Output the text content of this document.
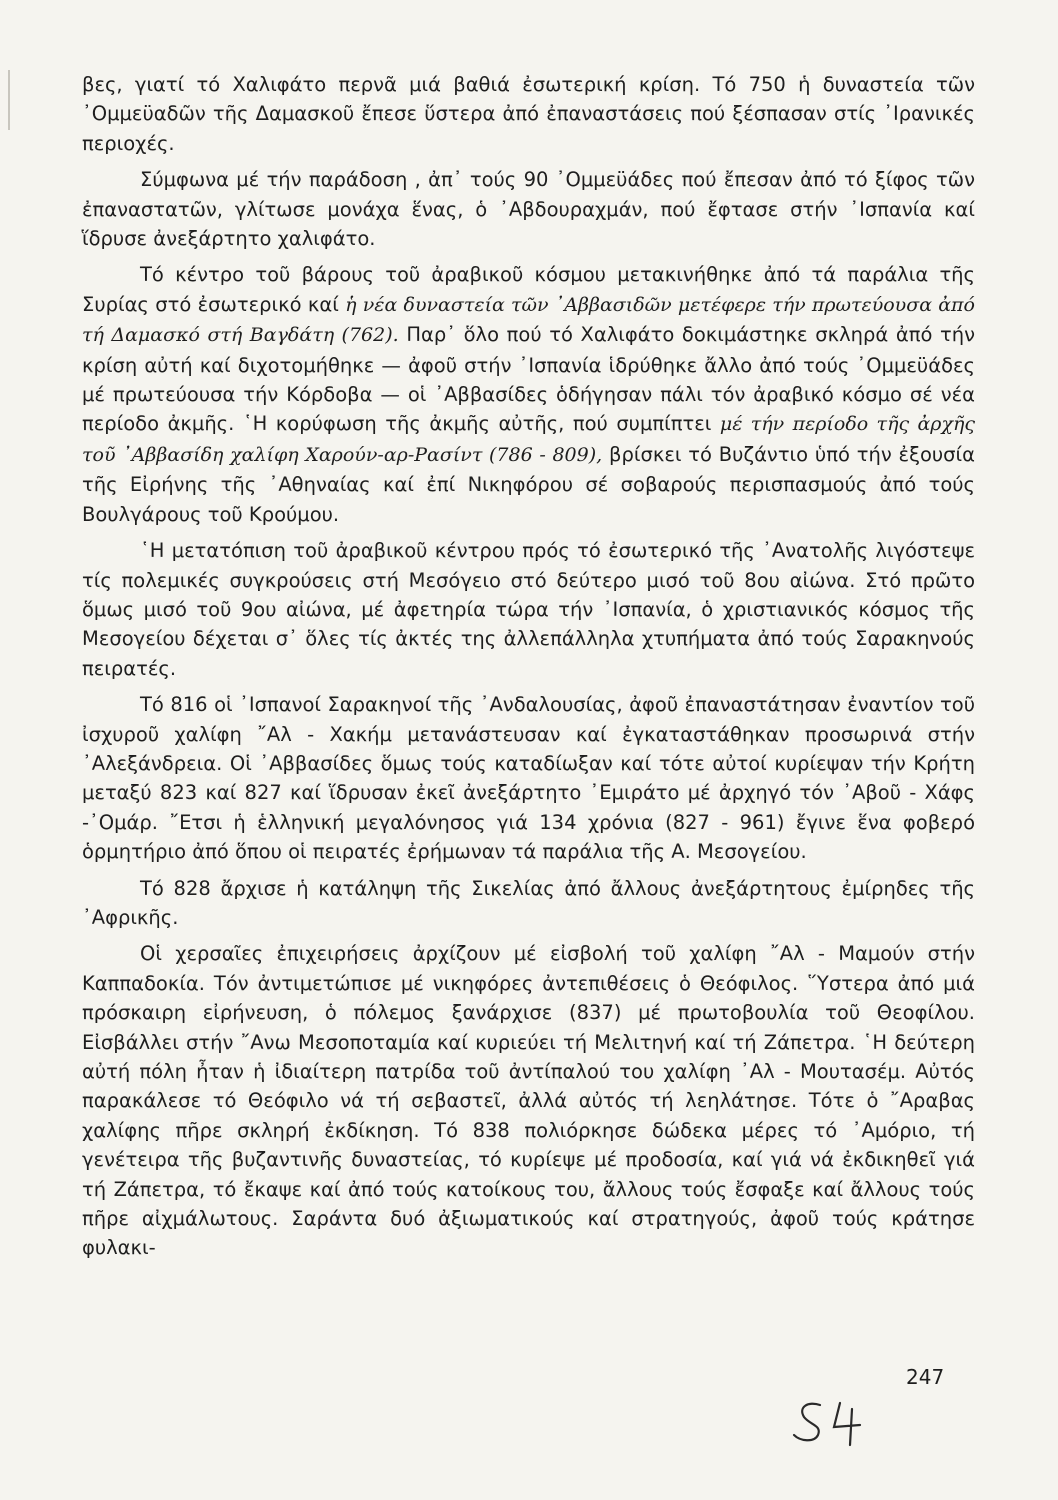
βες, γιατί τό Χαλιφάτο περνᾶ μιά βαθιά ἐσωτερική κρίση. Τό 750 ἡ δυναστεία τῶν ᾿Ομμεϋαδῶν τῆς Δαμασκοῦ ἔπεσε ὕστερα ἀπό ἐπαναστάσεις πού ξέσπασαν στίς ᾿Ιρανικές περιοχές.

Σύμφωνα μέ τήν παράδοση , ἀπ᾿ τούς 90 ᾿Ομμεϋάδες πού ἔπεσαν ἀπό τό ξίφος τῶν ἐπαναστατῶν, γλίτωσε μονάχα ἕνας, ὁ ᾿Αβδουραχμάν, πού ἔφτασε στήν ᾿Ισπανία καί ἵδρυσε ἀνεξάρτητο χαλιφάτο.

Τό κέντρο τοῦ βάρους τοῦ ἀραβικοῦ κόσμου μετακινήθηκε ἀπό τά παράλια τῆς Συρίας στό ἐσωτερικό καί ἡ νέα δυναστεία τῶν ᾿Αββασιδῶν μετέφερε τήν πρωτεύουσα ἀπό τή Δαμασκό στή Βαγδάτη (762). Παρ᾿ ὅλο πού τό Χαλιφάτο δοκιμάστηκε σκληρά ἀπό τήν κρίση αὐτή καί διχοτομήθηκε — ἀφοῦ στήν ᾿Ισπανία ἱδρύθηκε ἄλλο ἀπό τούς ᾿Ομμεϋάδες μέ πρωτεύουσα τήν Κόρδοβα — οἱ ᾿Αββασίδες ὁδήγησαν πάλι τόν ἀραβικό κόσμο σέ νέα περίοδο ἀκμῆς. ῾Η κορύφωση τῆς ἀκμῆς αὐτῆς, πού συμπίπτει μέ τήν περίοδο τῆς ἀρχῆς τοῦ ᾿Αββασίδη χαλίφη Χαρούν-αρ-Ρασίντ (786 - 809), βρίσκει τό Βυζάντιο ὑπό τήν ἐξουσία τῆς Εἰρήνης τῆς ᾿Αθηναίας καί ἐπί Νικηφόρου σέ σοβαρούς περισπασμούς ἀπό τούς Βουλγάρους τοῦ Κρούμου.

῾Η μετατόπιση τοῦ ἀραβικοῦ κέντρου πρός τό ἐσωτερικό τῆς ᾿Ανατολῆς λιγόστεψε τίς πολεμικές συγκρούσεις στή Μεσόγειο στό δεύτερο μισό τοῦ 8ου αἰώνα. Στό πρῶτο ὅμως μισό τοῦ 9ου αἰώνα, μέ ἀφετηρία τώρα τήν ᾿Ισπανία, ὁ χριστιανικός κόσμος τῆς Μεσογείου δέχεται σ᾿ ὅλες τίς ἀκτές της ἀλλεπάλληλα χτυπήματα ἀπό τούς Σαρακηνούς πειρατές.

Τό 816 οἱ ᾿Ισπανοί Σαρακηνοί τῆς ᾿Ανδαλουσίας, ἀφοῦ ἐπαναστάτησαν ἐναντίον τοῦ ἰσχυροῦ χαλίφη ῎Αλ - Χακήμ μετανάστευσαν καί ἐγκαταστάθηκαν προσωρινά στήν ᾿Αλεξάνδρεια. Οἱ ᾿Αββασίδες ὅμως τούς καταδίωξαν καί τότε αὐτοί κυρίεψαν τήν Κρήτη μεταξύ 823 καί 827 καί ἵδρυσαν ἐκεῖ ἀνεξάρτητο ᾿Εμιράτο μέ ἀρχηγό τόν ᾿Αβοῦ - Χάφς -᾿Ομάρ. ῎Ετσι ἡ ἑλληνική μεγαλόνησος γιά 134 χρόνια (827 - 961) ἔγινε ἕνα φοβερό ὁρμητήριο ἀπό ὅπου οἱ πειρατές ἐρήμωναν τά παράλια τῆς Α. Μεσογείου.

Τό 828 ἄρχισε ἡ κατάληψη τῆς Σικελίας ἀπό ἄλλους ἀνεξάρτητους ἐμίρηδες τῆς ᾿Αφρικῆς.

Οἱ χερσαῖες ἐπιχειρήσεις ἀρχίζουν μέ εἰσβολή τοῦ χαλίφη ῎Αλ - Μαμούν στήν Καππαδοκία. Τόν ἀντιμετώπισε μέ νικηφόρες ἀντεπιθέσεις ὁ Θεόφιλος. ῞Υστερα ἀπό μιά πρόσκαιρη εἰρήνευση, ὁ πόλεμος ξανάρχισε (837) μέ πρωτοβουλία τοῦ Θεοφίλου. Εἰσβάλλει στήν ῎Ανω Μεσοποταμία καί κυριεύει τή Μελιτηνή καί τή Ζάπετρα. ῾Η δεύτερη αὐτή πόλη ἦταν ἡ ἰδιαίτερη πατρίδα τοῦ ἀντίπαλού του χαλίφη ᾿Αλ - Μουτασέμ. Αὐτός παρακάλεσε τό Θεόφιλο νά τή σεβαστεῖ, ἀλλά αὐτός τή λεηλάτησε. Τότε ὁ ῎Αραβας χαλίφης πῆρε σκληρή ἐκδίκηση. Τό 838 πολιόρκησε δώδεκα μέρες τό ᾿Αμόριο, τή γενέτειρα τῆς βυζαντινῆς δυναστείας, τό κυρίεψε μέ προδοσία, καί γιά νά ἐκδικηθεῖ γιά τή Ζάπετρα, τό ἔκαψε καί ἀπό τούς κατοίκους του, ἄλλους τούς ἔσφαξε καί ἄλλους τούς πῆρε αἰχμάλωτους. Σαράντα δυό ἀξιωματικούς καί στρατηγούς, ἀφοῦ τούς κράτησε φυλακι-

247
